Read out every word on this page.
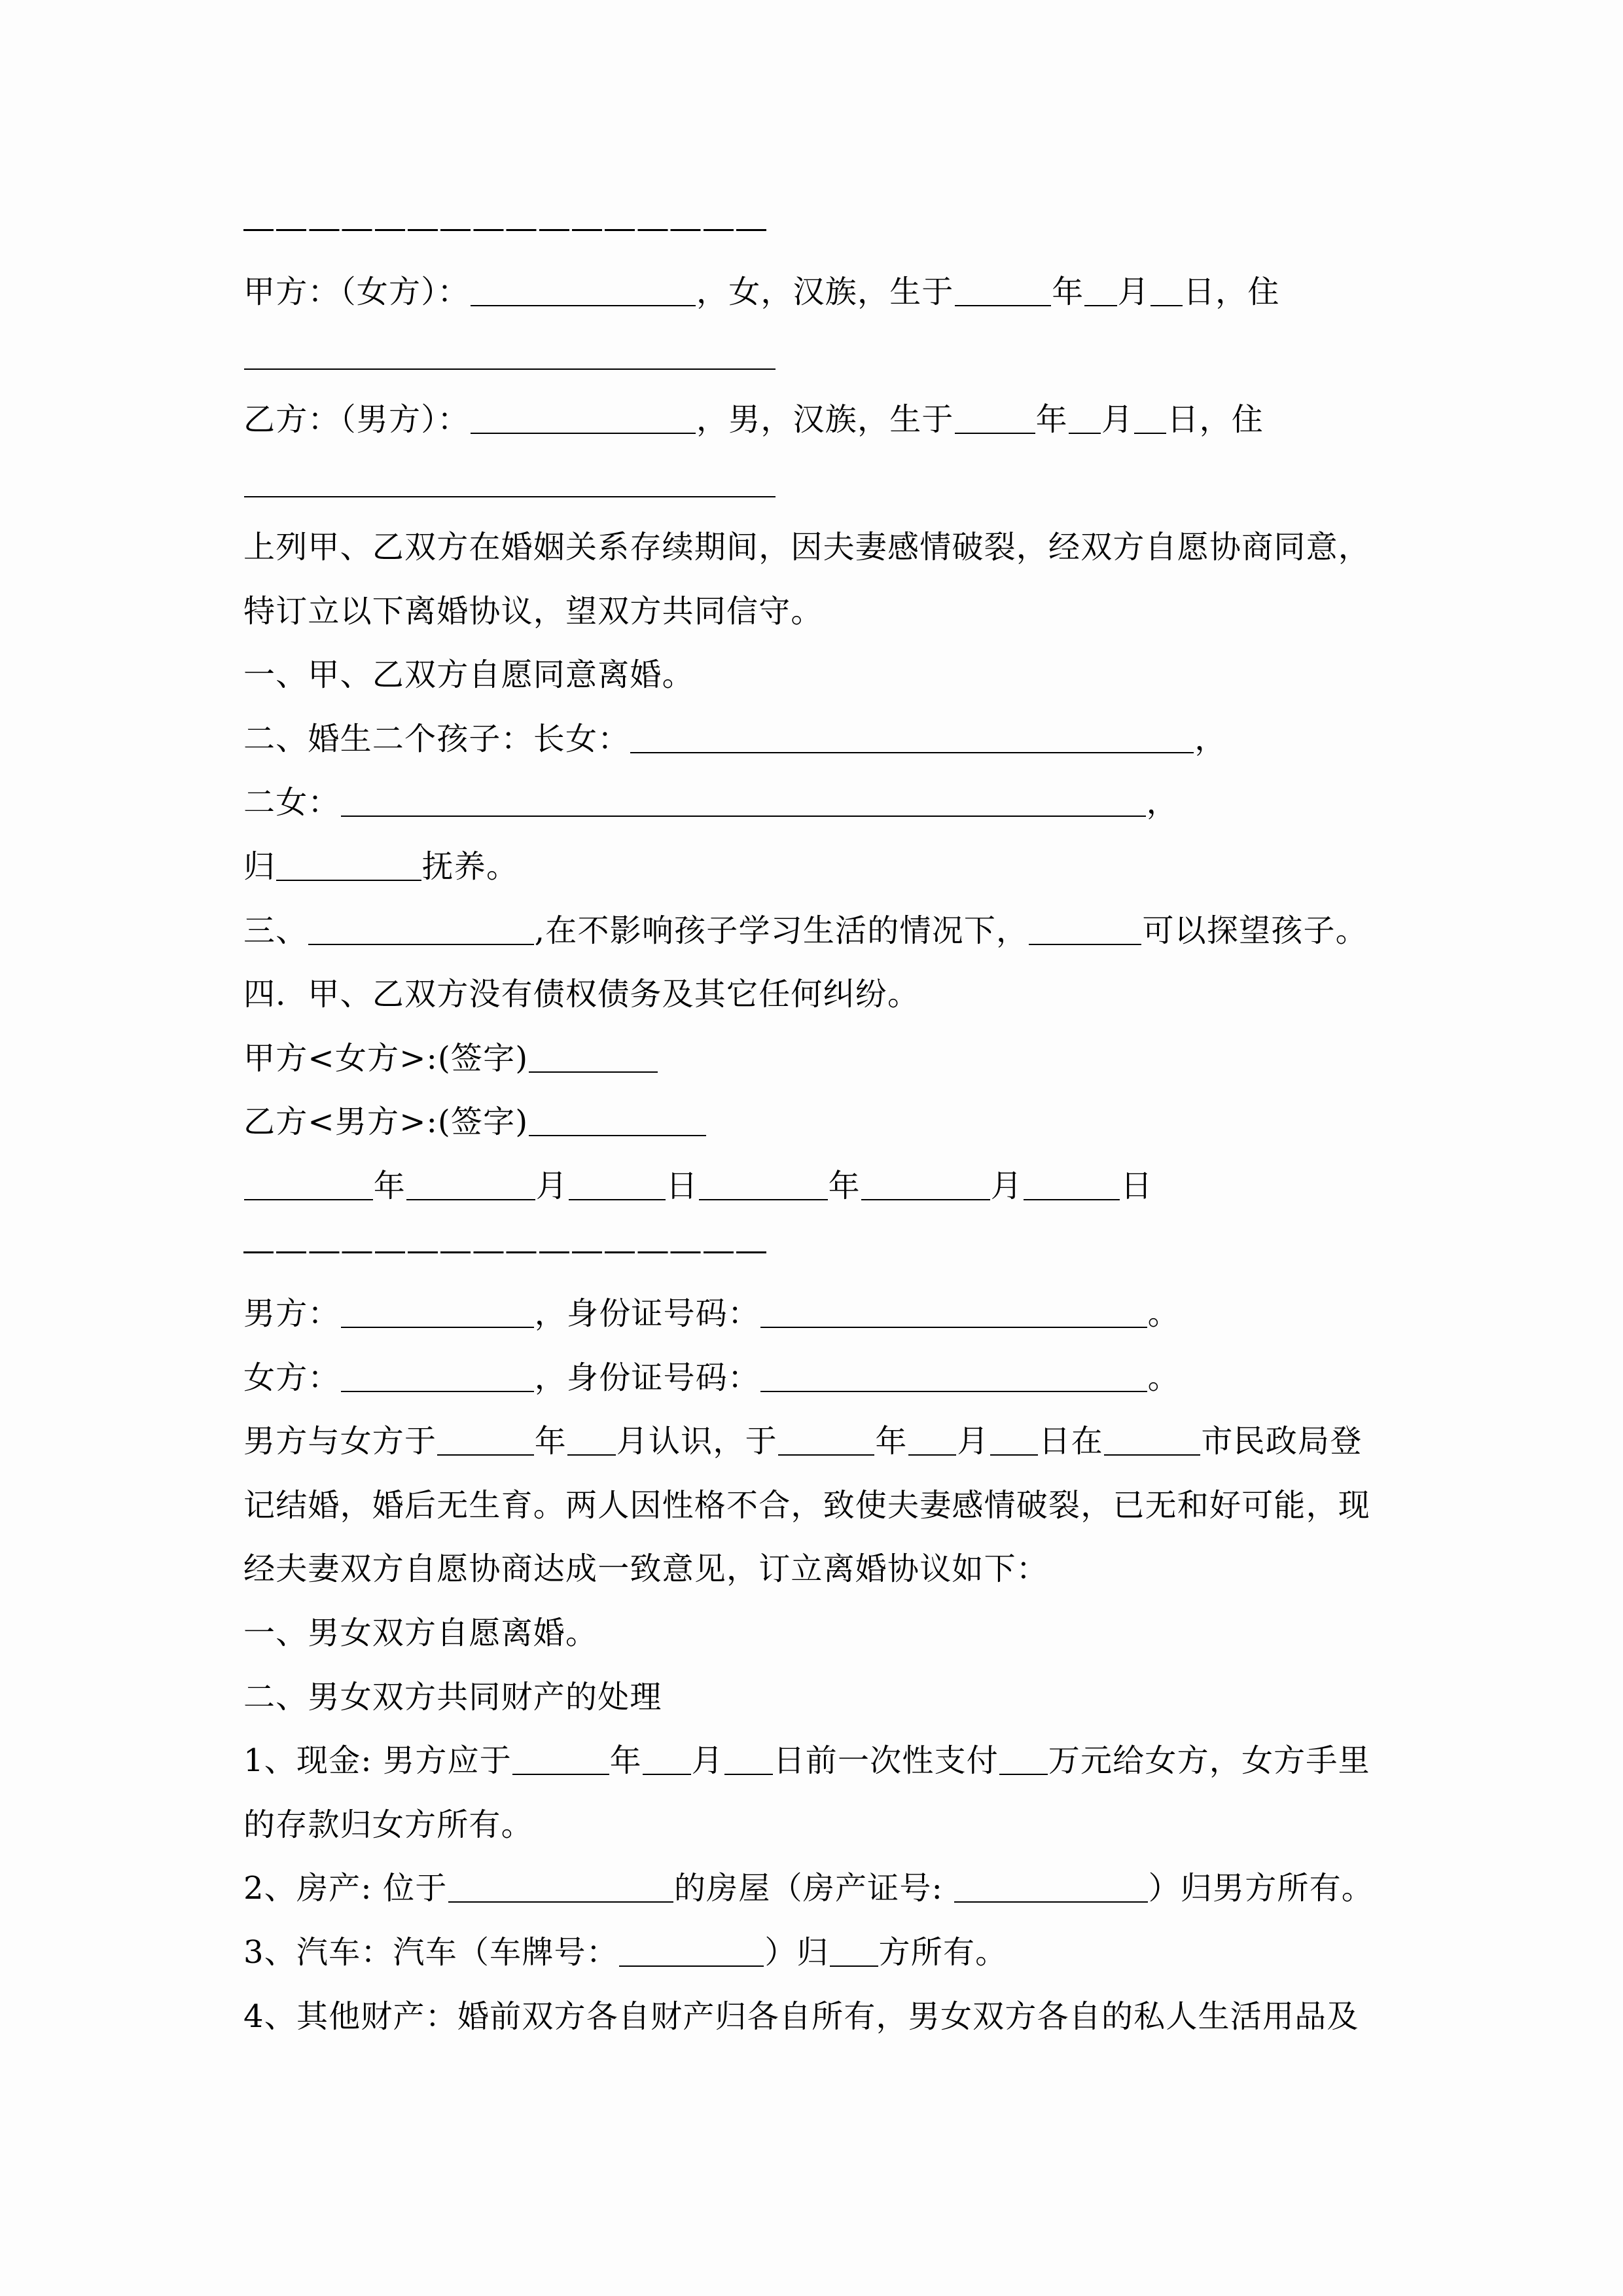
甲方：（女方）：	，女，汉族，生于	年 月 日，住
乙方：（男方）：	，男，汉族，生于	年 月 日，住
上列甲、乙双方在婚姻关系存续期间，因夫妻感情破裂，经双方自愿协商同意，
特订立以下离婚协议，望双方共同信守。
一、甲、乙双方自愿同意离婚。
二、婚生二个孩子：长女：	，
二女：	，
归	抚养。
三、	,在不影响孩子学习生活的情况下，	可以探望孩子。
四．甲、乙双方没有债权债务及其它任何纠纷。
甲方<女方>:(签字)
乙方<男方>:(签字)
年	月	日	年	月	日
男方：	，身份证号码：	。
女方：	，身份证号码：	。
男方与女方于	年 月认识，于	年 月 日在	市民政局登
记结婚，婚后无生育。两人因性格不合，致使夫妻感情破裂，已无和好可能，现
经夫妻双方自愿协商达成一致意见，订立离婚协议如下：
一、男女双方自愿离婚。
二、男女双方共同财产的处理
1、现金: 男方应于	年 月 日前一次性支付 万元给女方，女方手里
的存款归女方所有。
2、房产: 位于	的房屋（房产证号:	）归男方所有。
3、汽车：汽车（车牌号：	）归 方所有。
4、其他财产：婚前双方各自财产归各自所有，男女双方各自的私人生活用品及
